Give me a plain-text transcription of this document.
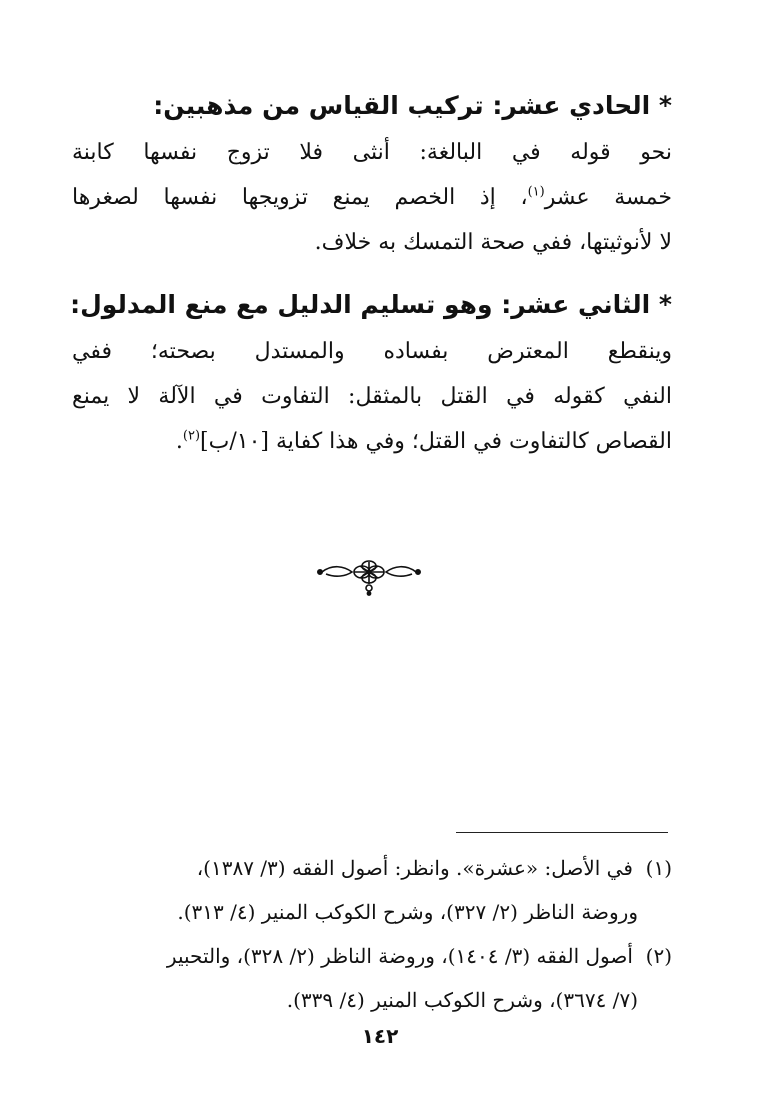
* الحادي عشر: تركيب القياس من مذهبين:

نحو قوله في البالغة: أنثى فلا تزوج نفسها كابنة
خمسة عشر$^{(١)}$، إذ الخصم يمنع تزويجها نفسها لصغرها
لا لأنوثيتها، ففي صحة التمسك به خلاف.

* الثاني عشر: وهو تسليم الدليل مع منع المدلول:

وينقطع المعترض بفساده والمستدل بصحته؛ ففي
النفي كقوله في القتل بالمثقل: التفاوت في الآلة لا يمنع
القصاص كالتفاوت في القتل؛ وفي هذا كفاية [١٠/ب]$^{(٢)}$.

(١)  في الأصل: «عشرة». وانظر: أصول الفقه (٣/ ١٣٨٧)،
وروضة الناظر (٢/ ٣٢٧)، وشرح الكوكب المنير (٤/ ٣١٣).
(٢)  أصول الفقه (٣/ ١٤٠٤)، وروضة الناظر (٢/ ٣٢٨)، والتحبير
(٧/ ٣٦٧٤)، وشرح الكوكب المنير (٤/ ٣٣٩).
١٤٢
